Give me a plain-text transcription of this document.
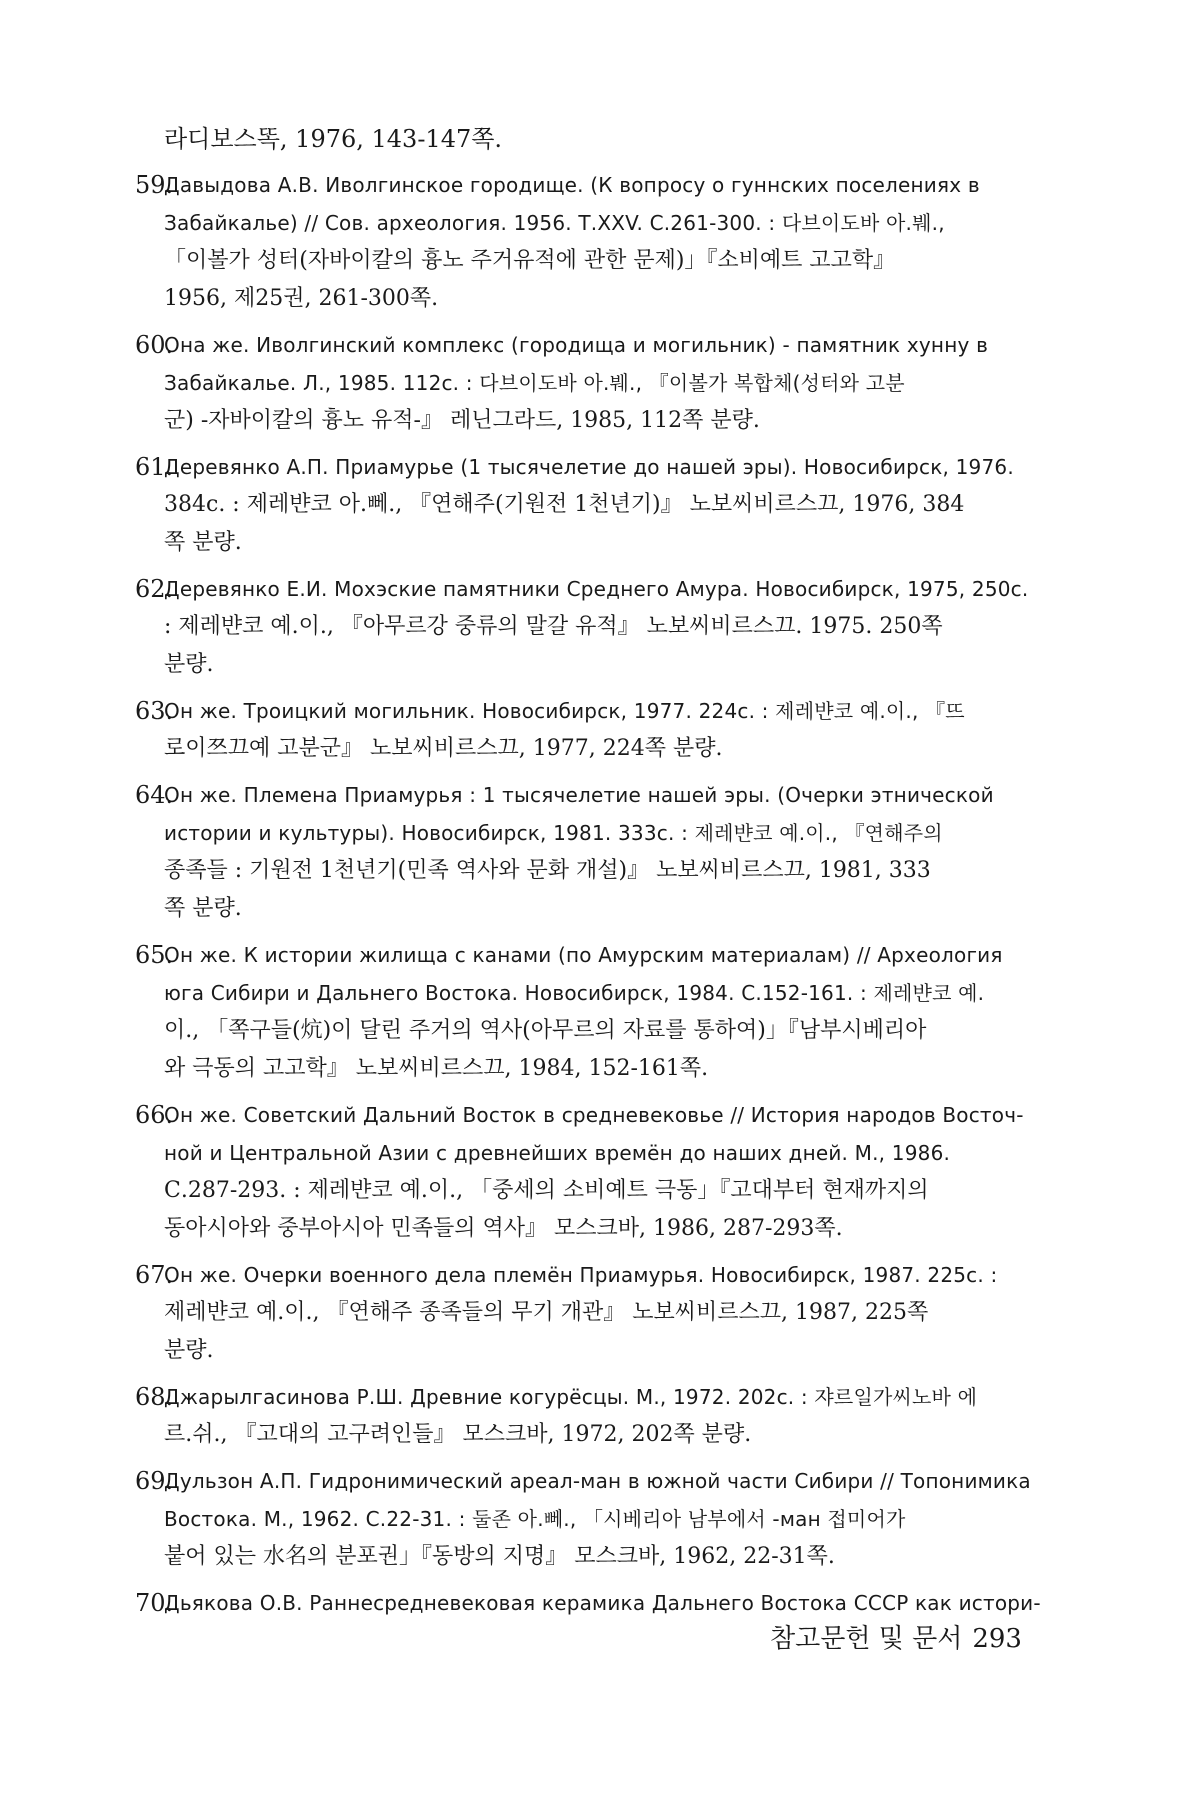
라디보스똑, 1976, 143-147쪽.
59.
Давыдова А.В. Иволгинское городище. (К вопросу о гуннских поселениях в
Забайкалье) // Сов. археология. 1956. Т.XXV. С.261-300. : 다브이도바 아.붸.,
「이볼가 성터(자바이칼의 흉노 주거유적에 관한 문제)」『소비예트 고고학』
1956, 제25권, 261-300쪽.
60.
Она же. Иволгинский комплекс (городища и могильник) - памятник хунну в
Забайкалье. Л., 1985. 112с. : 다브이도바 아.붸., 『이볼가 복합체(성터와 고분
군) -자바이칼의 흉노 유적-』 레닌그라드, 1985, 112쪽 분량.
61.
Деревянко А.П. Приамурье (1 тысячелетие до нашей эры). Новосибирск, 1976.
384с. : 제레뱐코 아.뻬., 『연해주(기원전 1천년기)』 노보씨비르스끄, 1976, 384
쪽 분량.
62.
Деревянко Е.И. Мохэские памятники Среднего Амура. Новосибирск, 1975, 250с.
: 제레뱐코 예.이., 『아무르강 중류의 말갈 유적』 노보씨비르스끄. 1975. 250쪽
분량.
63.
Он же. Троицкий могильник. Новосибирск, 1977. 224с. : 제레뱐코 예.이., 『뜨
로이쯔끄예 고분군』 노보씨비르스끄, 1977, 224쪽 분량.
64.
Он же. Племена Приамурья : 1 тысячелетие нашей эры. (Очерки этнической
истории и культуры). Новосибирск, 1981. 333с. : 제레뱐코 예.이., 『연해주의
종족들 : 기원전 1천년기(민족 역사와 문화 개설)』 노보씨비르스끄, 1981, 333
쪽 분량.
65.
Он же. К истории жилища с канами (по Амурским материалам) // Археология
юга Сибири и Дальнего Востока. Новосибирск, 1984. С.152-161. : 제레뱐코 예.
이., 「쪽구들(炕)이 달린 주거의 역사(아무르의 자료를 통하여)」『남부시베리아
와 극동의 고고학』 노보씨비르스끄, 1984, 152-161쪽.
66.
Он же. Советский Дальний Восток в средневековье // История народов Восточ-
ной и Центральной Азии с древнейших времён до наших дней. М., 1986.
С.287-293. : 제레뱐코 예.이., 「중세의 소비예트 극동」『고대부터 현재까지의
동아시아와 중부아시아 민족들의 역사』 모스크바, 1986, 287-293쪽.
67.
Он же. Очерки военного дела племён Приамурья. Новосибирск, 1987. 225с. :
제레뱐코 예.이., 『연해주 종족들의 무기 개관』 노보씨비르스끄, 1987, 225쪽
분량.
68.
Джарылгасинова Р.Ш. Древние когурёсцы. М., 1972. 202с. : 쟈르일가씨노바 에
르.쉬., 『고대의 고구려인들』 모스크바, 1972, 202쪽 분량.
69.
Дульзон А.П. Гидронимический ареал-ман в южной части Сибири // Топонимика
Востока. М., 1962. С.22-31. : 둘존 아.뻬., 「시베리아 남부에서 -ман 접미어가
붙어 있는 水名의 분포권」『동방의 지명』 모스크바, 1962, 22-31쪽.
70.
Дьякова О.В. Раннесредневековая керамика Дальнего Востока СССР как истори-
참고문헌 및 문서 293
